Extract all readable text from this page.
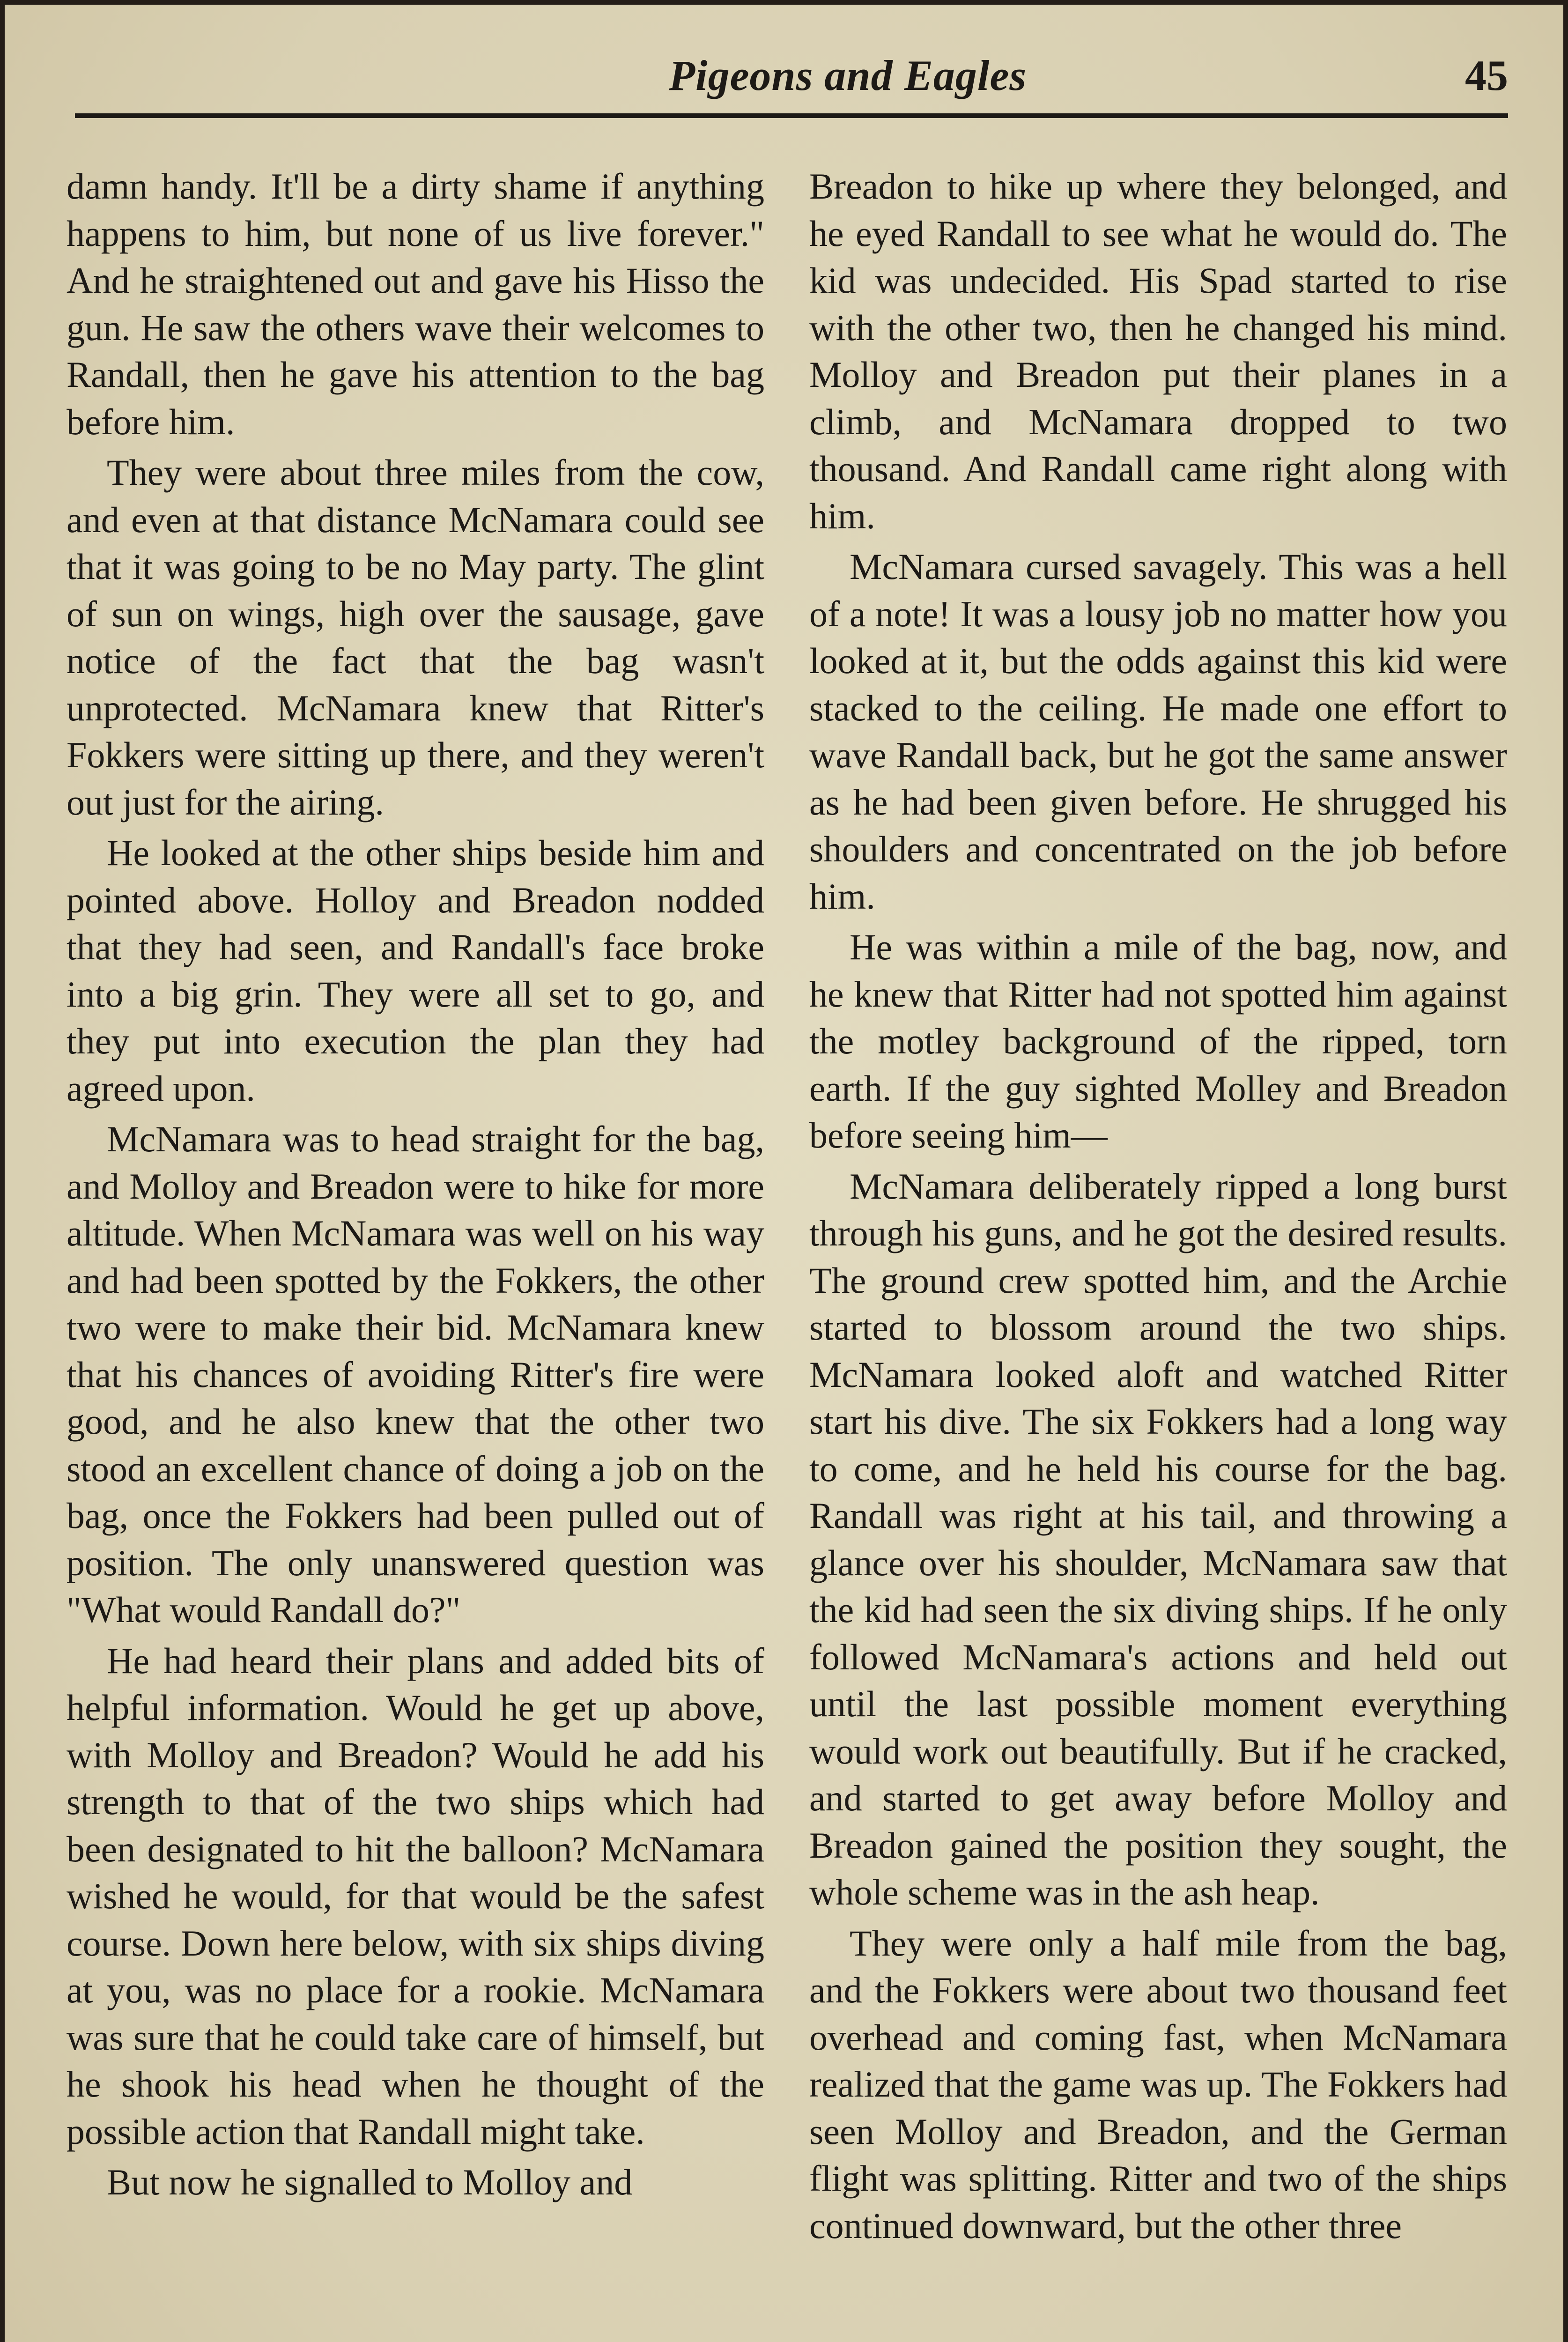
Pigeons and Eagles	45

damn handy. It'll be a dirty shame if anything happens to him, but none of us live forever." And he straightened out and gave his Hisso the gun. He saw the others wave their welcomes to Randall, then he gave his attention to the bag before him.

They were about three miles from the cow, and even at that distance McNamara could see that it was going to be no May party. The glint of sun on wings, high over the sausage, gave notice of the fact that the bag wasn't unprotected. McNamara knew that Ritter's Fokkers were sitting up there, and they weren't out just for the airing.

He looked at the other ships beside him and pointed above. Holloy and Breadon nodded that they had seen, and Randall's face broke into a big grin. They were all set to go, and they put into execution the plan they had agreed upon.

McNamara was to head straight for the bag, and Molloy and Breadon were to hike for more altitude. When McNamara was well on his way and had been spotted by the Fokkers, the other two were to make their bid. McNamara knew that his chances of avoiding Ritter's fire were good, and he also knew that the other two stood an excellent chance of doing a job on the bag, once the Fokkers had been pulled out of position. The only unanswered question was "What would Randall do?"

He had heard their plans and added bits of helpful information. Would he get up above, with Molloy and Breadon? Would he add his strength to that of the two ships which had been designated to hit the balloon? McNamara wished he would, for that would be the safest course. Down here below, with six ships diving at you, was no place for a rookie. McNamara was sure that he could take care of himself, but he shook his head when he thought of the possible action that Randall might take.

But now he signalled to Molloy and

Breadon to hike up where they belonged, and he eyed Randall to see what he would do. The kid was undecided. His Spad started to rise with the other two, then he changed his mind. Molloy and Breadon put their planes in a climb, and McNamara dropped to two thousand. And Randall came right along with him.

McNamara cursed savagely. This was a hell of a note! It was a lousy job no matter how you looked at it, but the odds against this kid were stacked to the ceiling. He made one effort to wave Randall back, but he got the same answer as he had been given before. He shrugged his shoulders and concentrated on the job before him.

He was within a mile of the bag, now, and he knew that Ritter had not spotted him against the motley background of the ripped, torn earth. If the guy sighted Molley and Breadon before seeing him—

McNamara deliberately ripped a long burst through his guns, and he got the desired results. The ground crew spotted him, and the Archie started to blossom around the two ships. McNamara looked aloft and watched Ritter start his dive. The six Fokkers had a long way to come, and he held his course for the bag. Randall was right at his tail, and throwing a glance over his shoulder, McNamara saw that the kid had seen the six diving ships. If he only followed McNamara's actions and held out until the last possible moment everything would work out beautifully. But if he cracked, and started to get away before Molloy and Breadon gained the position they sought, the whole scheme was in the ash heap.

They were only a half mile from the bag, and the Fokkers were about two thousand feet overhead and coming fast, when McNamara realized that the game was up. The Fokkers had seen Molloy and Breadon, and the German flight was splitting. Ritter and two of the ships continued downward, but the other three
